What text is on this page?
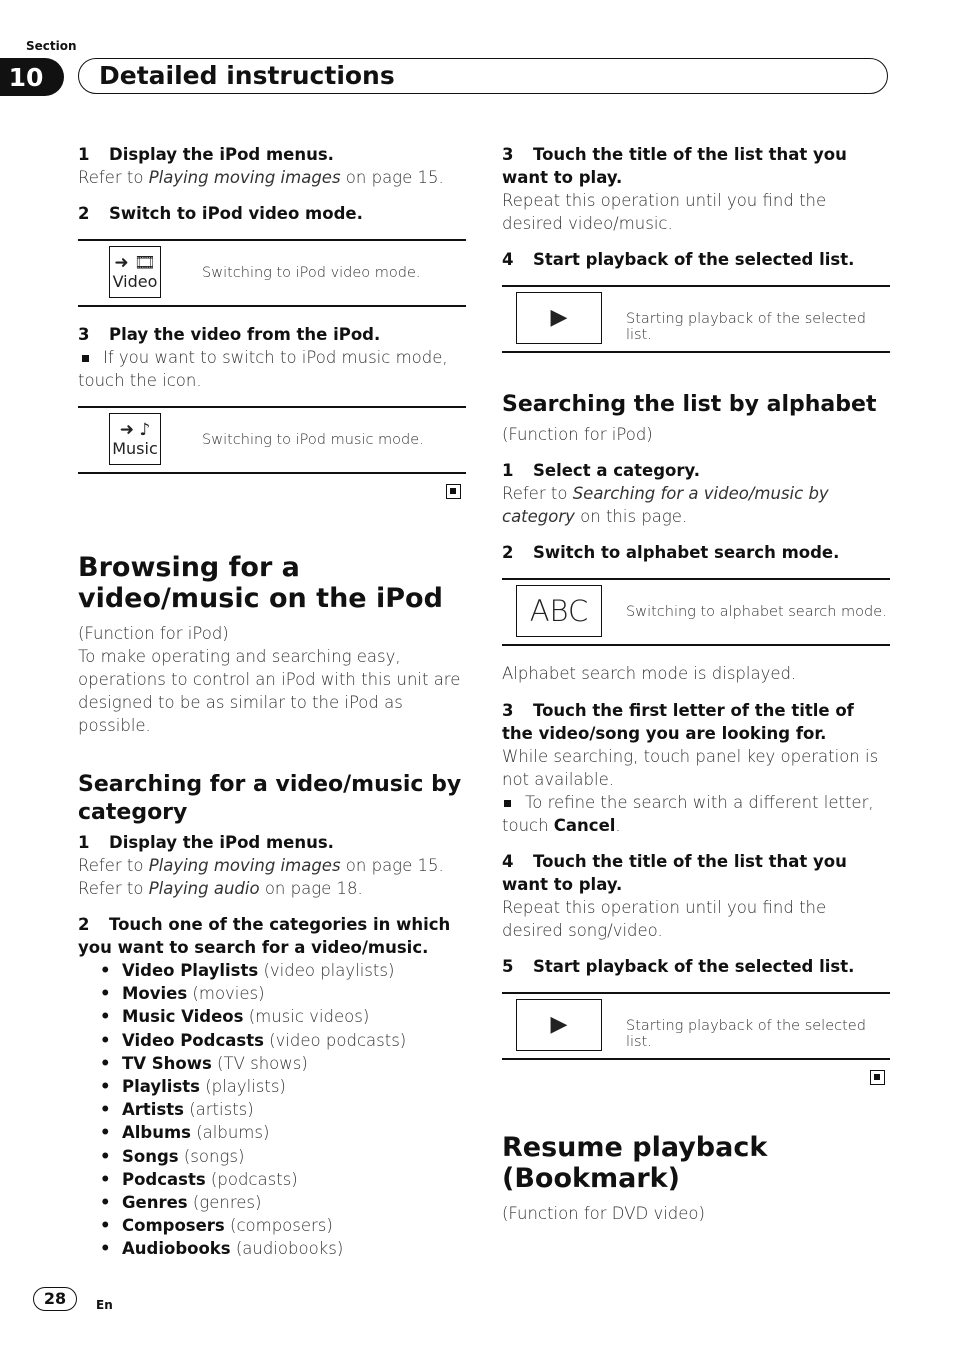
Section
10	Detailed instructions
1 Display the iPod menus.
Refer to Playing moving images on page 15.
2 Switch to iPod video mode.
➜ 🎞
Video	Switching to iPod video mode.
3 Play the video from the iPod.
If you want to switch to iPod music mode, touch the icon.
➜ ♪
Music	Switching to iPod music mode.
Browsing for a video/music on the iPod
(Function for iPod)
To make operating and searching easy, operations to control an iPod with this unit are designed to be as similar to the iPod as possible.
Searching for a video/music by category
1 Display the iPod menus.
Refer to Playing moving images on page 15.
Refer to Playing audio on page 18.
2 Touch one of the categories in which you want to search for a video/music.
• Video Playlists (video playlists)
• Movies (movies)
• Music Videos (music videos)
• Video Podcasts (video podcasts)
• TV Shows (TV shows)
• Playlists (playlists)
• Artists (artists)
• Albums (albums)
• Songs (songs)
• Podcasts (podcasts)
• Genres (genres)
• Composers (composers)
• Audiobooks (audiobooks)
3 Touch the title of the list that you want to play.
Repeat this operation until you find the desired video/music.
4 Start playback of the selected list.
▶	Starting playback of the selected list.
Searching the list by alphabet
(Function for iPod)
1 Select a category.
Refer to Searching for a video/music by category on this page.
2 Switch to alphabet search mode.
ABC	Switching to alphabet search mode.
Alphabet search mode is displayed.
3 Touch the first letter of the title of the video/song you are looking for.
While searching, touch panel key operation is not available.
To refine the search with a different letter, touch Cancel.
4 Touch the title of the list that you want to play.
Repeat this operation until you find the desired song/video.
5 Start playback of the selected list.
▶	Starting playback of the selected list.
Resume playback (Bookmark)
(Function for DVD video)
28	En
